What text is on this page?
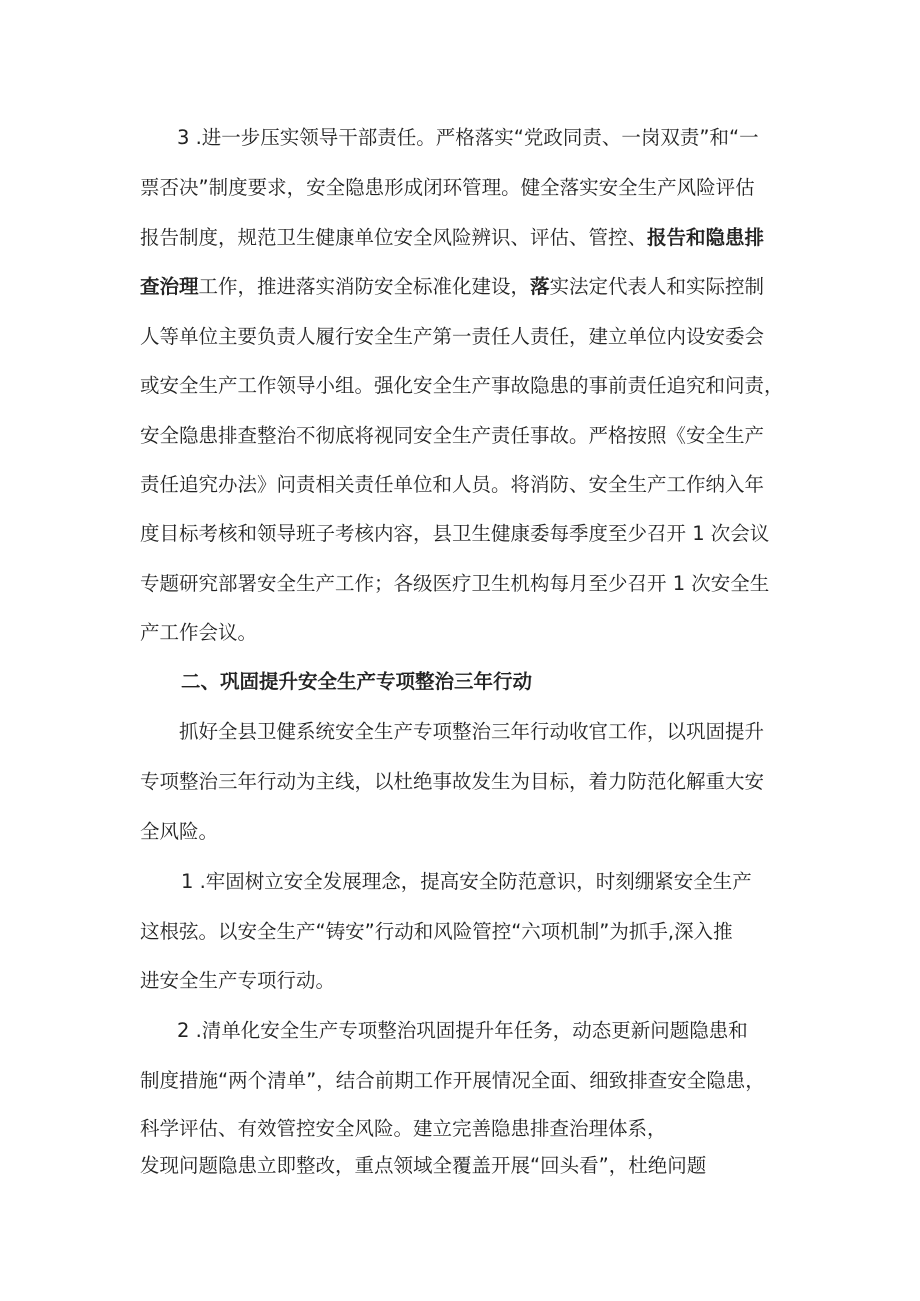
3 .进一步压实领导干部责任。严格落实“党政同责、一岗双责”和“一
票否决”制度要求，安全隐患形成闭环管理。健全落实安全生产风险评估
报告制度，规范卫生健康单位安全风险辨识、评估、管控、报告和隐患排
查治理工作，推进落实消防安全标准化建设，落实法定代表人和实际控制
人等单位主要负责人履行安全生产第一责任人责任，建立单位内设安委会
或安全生产工作领导小组。强化安全生产事故隐患的事前责任追究和问责，
安全隐患排查整治不彻底将视同安全生产责任事故。严格按照《安全生产
责任追究办法》问责相关责任单位和人员。将消防、安全生产工作纳入年
度目标考核和领导班子考核内容，县卫生健康委每季度至少召开 1 次会议
专题研究部署安全生产工作；各级医疗卫生机构每月至少召开 1 次安全生
产工作会议。
二、巩固提升安全生产专项整治三年行动
抓好全县卫健系统安全生产专项整治三年行动收官工作，以巩固提升
专项整治三年行动为主线，以杜绝事故发生为目标，着力防范化解重大安
全风险。
1 .牢固树立安全发展理念，提高安全防范意识，时刻绷紧安全生产
这根弦。以安全生产“铸安”行动和风险管控“六项机制”为抓手,深入推
进安全生产专项行动。
2 .清单化安全生产专项整治巩固提升年任务，动态更新问题隐患和
制度措施“两个清单”，结合前期工作开展情况全面、细致排查安全隐患，
科学评估、有效管控安全风险。建立完善隐患排查治理体系，
发现问题隐患立即整改，重点领域全覆盖开展“回头看”，杜绝问题
